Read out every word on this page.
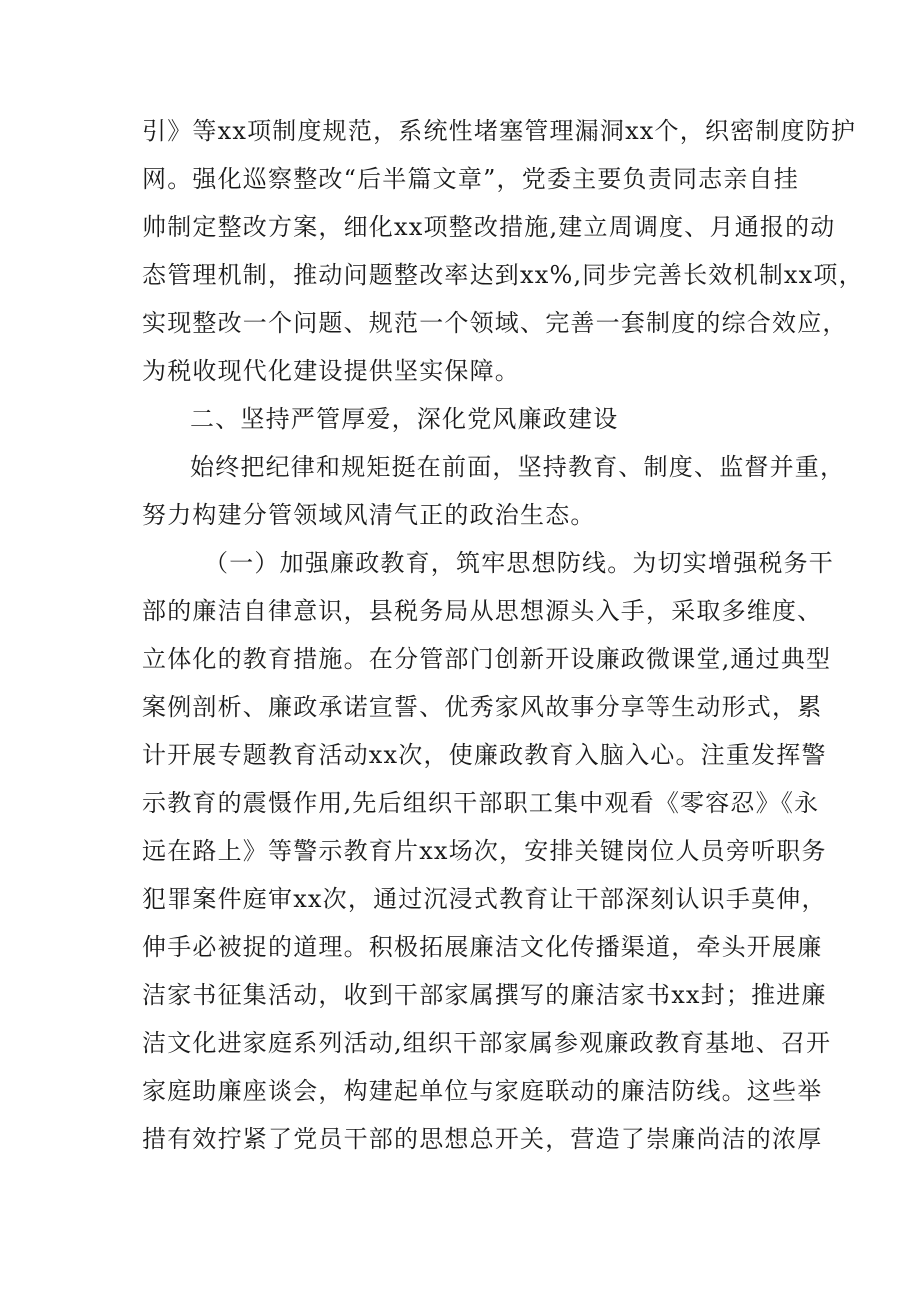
引》等xx项制度规范，系统性堵塞管理漏洞xx个，织密制度防护
网。强化巡察整改“后半篇文章”，党委主要负责同志亲自挂
帅制定整改方案，细化xx项整改措施,建立周调度、月通报的动
态管理机制，推动问题整改率达到xx%,同步完善长效机制xx项，
实现整改一个问题、规范一个领域、完善一套制度的综合效应，
为税收现代化建设提供坚实保障。
二、坚持严管厚爱，深化党风廉政建设
始终把纪律和规矩挺在前面，坚持教育、制度、监督并重，
努力构建分管领域风清气正的政治生态。
（一）加强廉政教育，筑牢思想防线。为切实增强税务干
部的廉洁自律意识，县税务局从思想源头入手，采取多维度、
立体化的教育措施。在分管部门创新开设廉政微课堂,通过典型
案例剖析、廉政承诺宣誓、优秀家风故事分享等生动形式，累
计开展专题教育活动xx次，使廉政教育入脑入心。注重发挥警
示教育的震慑作用,先后组织干部职工集中观看《零容忍》《永
远在路上》等警示教育片xx场次，安排关键岗位人员旁听职务
犯罪案件庭审xx次，通过沉浸式教育让干部深刻认识手莫伸，
伸手必被捉的道理。积极拓展廉洁文化传播渠道，牵头开展廉
洁家书征集活动，收到干部家属撰写的廉洁家书xx封；推进廉
洁文化进家庭系列活动,组织干部家属参观廉政教育基地、召开
家庭助廉座谈会，构建起单位与家庭联动的廉洁防线。这些举
措有效拧紧了党员干部的思想总开关，营造了崇廉尚洁的浓厚
